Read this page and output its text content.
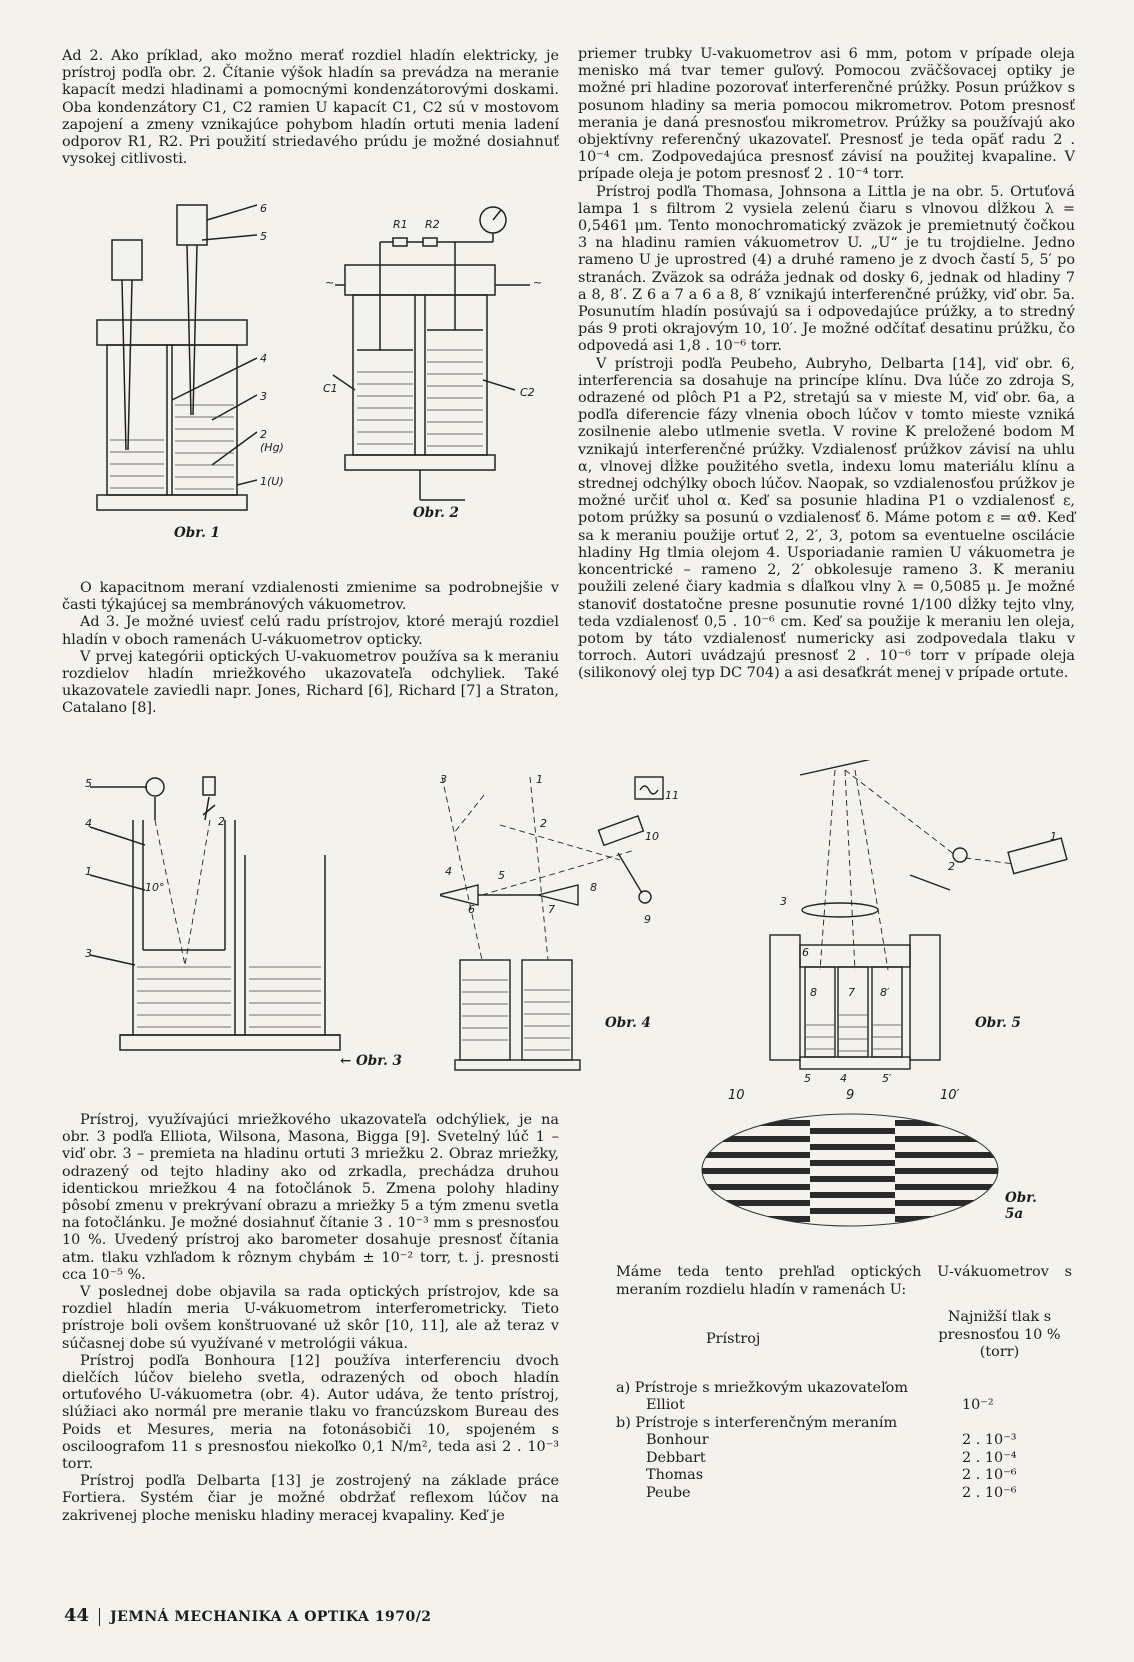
Ad 2. Ako príklad, ako možno merať rozdiel hladín elektricky, je prístroj podľa obr. 2. Čítanie výšok hladín sa prevádza na meranie kapacít medzi hladinami a pomocnými kondenzátorovými doskami. Oba kondenzátory C1, C2 ramien U kapacít C1, C2 sú v mostovom zapojení a zmeny vznikajúce pohybom hladín ortuti menia ladení odporov R1, R2. Pri použití striedavého prúdu je možné dosiahnuť vysokej citlivosti.

6
5
4
3
2 (Hg)
1(U)
Obr. 1
R1 R2
C1	C2
~	~
Obr. 2

O kapacitnom meraní vzdialenosti zmienime sa podrobnejšie v časti týkajúcej sa membránových vákuometrov.

Ad 3. Je možné uviesť celú radu prístrojov, ktoré merajú rozdiel hladín v oboch ramenách U-vákuometrov opticky.

V prvej kategórii optických U-vakuometrov používa sa k meraniu rozdielov hladín mriežkového ukazovateľa odchyliek. Také ukazovatele zaviedli napr. Jones, Richard [6], Richard [7] a Straton, Catalano [8].

5
4
1
10°
2
3
← Obr. 3
3	1
2
4
6
5
7
8
9
10
11
Obr. 4
1
2
3
6
8	7 8′
4
5	5′
Obr. 5

Prístroj, využívajúci mriežkového ukazovateľa odchýliek, je na obr. 3 podľa Elliota, Wilsona, Masona, Bigga [9]. Svetelný lúč 1 – viď obr. 3 – premieta na hladinu ortuti 3 mriežku 2. Obraz mriežky, odrazený od tejto hladiny ako od zrkadla, prechádza druhou identickou mriežkou 4 na fotočlánok 5. Zmena polohy hladiny pôsobí zmenu v prekrývaní obrazu a mriežky 5 a tým zmenu svetla na fotočlánku. Je možné dosiahnuť čítanie 3 . 10⁻³ mm s presnosťou 10 %. Uvedený prístroj ako barometer dosahuje presnosť čítania atm. tlaku vzhľadom k rôznym chybám ± 10⁻² torr, t. j. presnosti cca 10⁻⁵ %.

V poslednej dobe objavila sa rada optických prístrojov, kde sa rozdiel hladín meria U-vákuometrom interferometricky. Tieto prístroje boli ovšem konštruované už skôr [10, 11], ale až teraz v súčasnej dobe sú využívané v metrológii vákua.

Prístroj podľa Bonhoura [12] používa interferenciu dvoch dielčích lúčov bieleho svetla, odrazených od oboch hladín ortuťového U-vákuometra (obr. 4). Autor udáva, že tento prístroj, slúžiaci ako normál pre meranie tlaku vo francúzskom Bureau des Poids et Mesures, meria na fotonásobiči 10, spojeném s osciloografom 11 s presnosťou niekoľko 0,1 N/m², teda asi 2 . 10⁻³ torr.

Prístroj podľa Delbarta [13] je zostrojený na základe práce Fortiera. Systém čiar je možné obdržať reflexom lúčov na zakrivenej ploche menisku hladiny meracej kvapaliny. Keď je

priemer trubky U-vakuometrov asi 6 mm, potom v prípade oleja menisko má tvar temer guľový. Pomocou zväčšovacej optiky je možné pri hladine pozorovať interferenčné prúžky. Posun prúžkov s posunom hladiny sa meria pomocou mikrometrov. Potom presnosť merania je daná presnosťou mikrometrov. Prúžky sa používajú ako objektívny referenčný ukazovateľ. Presnosť je teda opäť radu 2 . 10⁻⁴ cm. Zodpovedajúca presnosť závisí na použitej kvapaline. V prípade oleja je potom presnosť 2 . 10⁻⁴ torr.

Prístroj podľa Thomasa, Johnsona a Littla je na obr. 5. Ortuťová lampa 1 s filtrom 2 vysiela zelenú čiaru s vlnovou dĺžkou λ = 0,5461 μm. Tento monochromatický zväzok je premietnutý čočkou 3 na hladinu ramien vákuometrov U. „U“ je tu trojdielne. Jedno rameno U je uprostred (4) a druhé rameno je z dvoch častí 5, 5′ po stranách. Zväzok sa odráža jednak od dosky 6, jednak od hladiny 7 a 8, 8′. Z 6 a 7 a 6 a 8, 8′ vznikajú interferenčné prúžky, viď obr. 5a. Posunutím hladín posúvajú sa i odpovedajúce prúžky, a to stredný pás 9 proti okrajovým 10, 10′. Je možné odčítať desatinu prúžku, čo odpovedá asi 1,8 . 10⁻⁶ torr.

V prístroji podľa Peubeho, Aubryho, Delbarta [14], viď obr. 6, interferencia sa dosahuje na princípe klínu. Dva lúče zo zdroja S, odrazené od plôch P1 a P2, stretajú sa v mieste M, viď obr. 6a, a podľa diferencie fázy vlnenia oboch lúčov v tomto mieste vzniká zosilnenie alebo utlmenie svetla. V rovine K preložené bodom M vznikajú interferenčné prúžky. Vzdialenosť prúžkov závisí na uhlu α, vlnovej dĺžke použitého svetla, indexu lomu materiálu klínu a strednej odchýlky oboch lúčov. Naopak, so vzdialenosťou prúžkov je možné určiť uhol α. Keď sa posunie hladina P1 o vzdialenosť ε, potom prúžky sa posunú o vzdialenosť δ. Máme potom ε = αϑ. Keď sa k meraniu použije ortuť 2, 2′, 3, potom sa eventuelne oscilácie hladiny Hg tlmia olejom 4. Usporiadanie ramien U vákuometra je koncentrické – rameno 2, 2′ obkolesuje rameno 3. K meraniu použili zelené čiary kadmia s dĺaľkou vlny λ = 0,5085 μ. Je možné stanoviť dostatočne presne posunutie rovné 1/100 dĺžky tejto vlny, teda vzdialenosť 0,5 . 10⁻⁶ cm. Keď sa použije k meraniu len oleja, potom by táto vzdialenosť numericky asi zodpovedala tlaku v torroch. Autori uvádzajú presnosť 2 . 10⁻⁶ torr v prípade oleja (silikonový olej typ DC 704) a asi desaťkrát menej v prípade ortute.

10	9	10′
Obr. 5a
Máme teda tento prehľad optických U-vákuometrov s meraním rozdielu hladín v ramenách U:
Prístroj
Najnižší tlak s presnosťou 10 % (torr)
a) Prístroje s mriežkovým ukazovateľom
Elliot	10⁻²
b) Prístroje s interferenčným meraním
Bonhour	2 . 10⁻³
Debbart	2 . 10⁻⁴
Thomas	2 . 10⁻⁶
Peube	2 . 10⁻⁶
44 JEMNÁ MECHANIKA A OPTIKA 1970/2
